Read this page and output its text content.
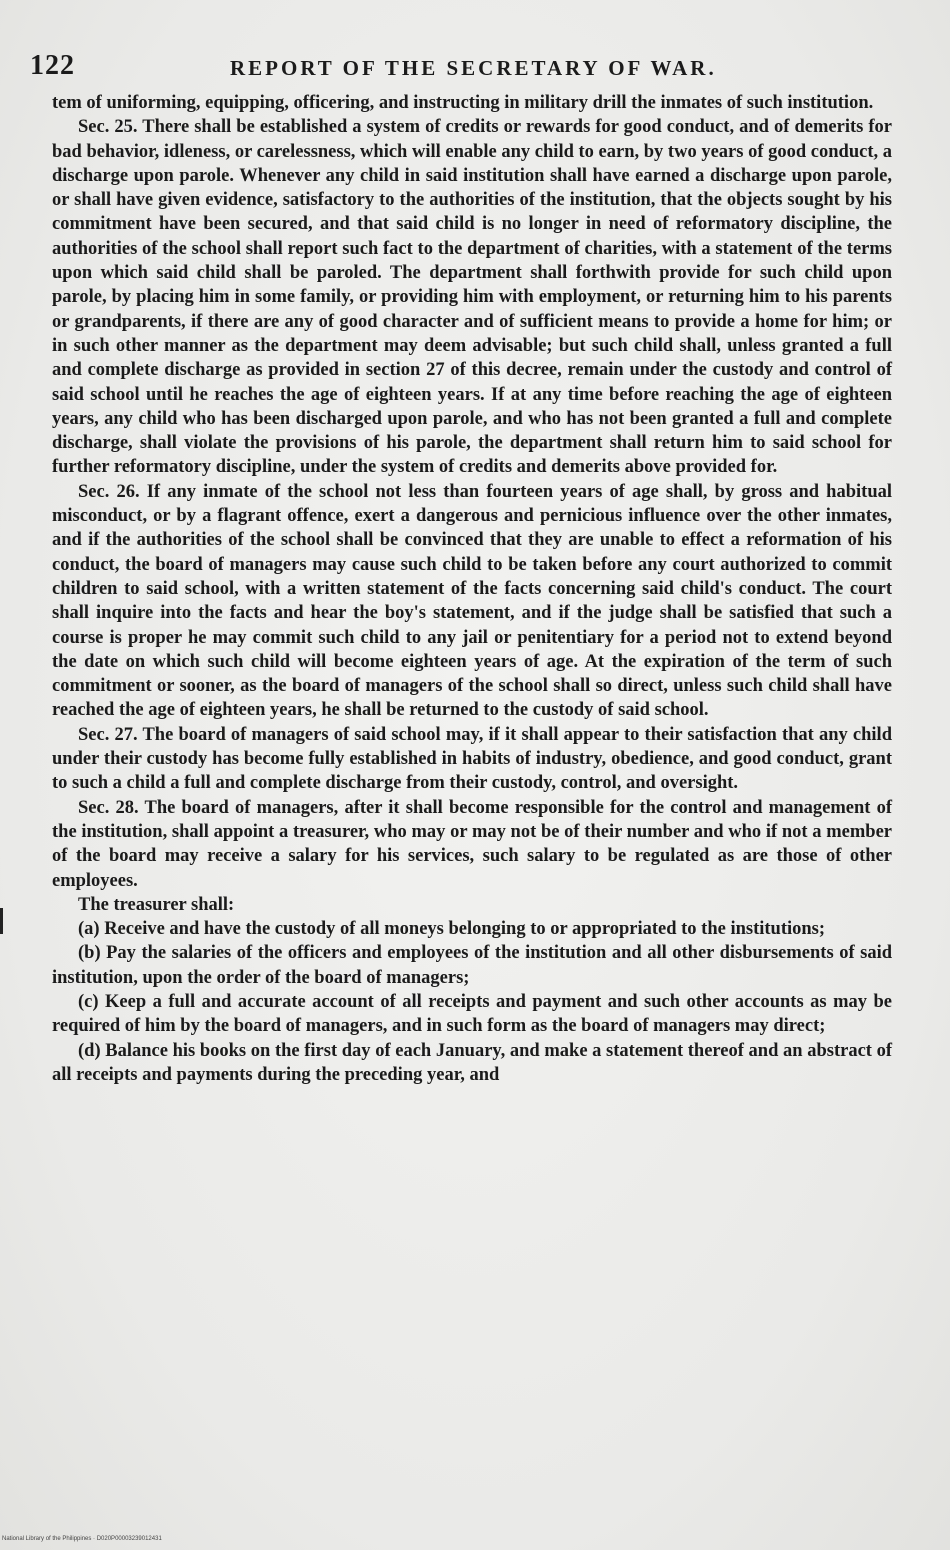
122	REPORT OF THE SECRETARY OF WAR.

tem of uniforming, equipping, officering, and instructing in military drill the inmates of such institution.

Sec. 25. There shall be established a system of credits or rewards for good conduct, and of demerits for bad behavior, idleness, or carelessness, which will enable any child to earn, by two years of good conduct, a discharge upon parole. Whenever any child in said institution shall have earned a discharge upon parole, or shall have given evidence, satisfactory to the authorities of the institution, that the objects sought by his commitment have been secured, and that said child is no longer in need of reformatory discipline, the authorities of the school shall report such fact to the department of charities, with a statement of the terms upon which said child shall be paroled. The department shall forthwith provide for such child upon parole, by placing him in some family, or providing him with employment, or returning him to his parents or grandparents, if there are any of good character and of sufficient means to provide a home for him; or in such other manner as the department may deem advisable; but such child shall, unless granted a full and complete discharge as provided in section 27 of this decree, remain under the custody and control of said school until he reaches the age of eighteen years. If at any time before reaching the age of eighteen years, any child who has been discharged upon parole, and who has not been granted a full and complete discharge, shall violate the provisions of his parole, the department shall return him to said school for further reformatory discipline, under the system of credits and demerits above provided for.

Sec. 26. If any inmate of the school not less than fourteen years of age shall, by gross and habitual misconduct, or by a flagrant offence, exert a dangerous and pernicious influence over the other inmates, and if the authorities of the school shall be convinced that they are unable to effect a reformation of his conduct, the board of managers may cause such child to be taken before any court authorized to commit children to said school, with a written statement of the facts concerning said child's conduct. The court shall inquire into the facts and hear the boy's statement, and if the judge shall be satisfied that such a course is proper he may commit such child to any jail or penitentiary for a period not to extend beyond the date on which such child will become eighteen years of age. At the expiration of the term of such commitment or sooner, as the board of managers of the school shall so direct, unless such child shall have reached the age of eighteen years, he shall be returned to the custody of said school.

Sec. 27. The board of managers of said school may, if it shall appear to their satisfaction that any child under their custody has become fully established in habits of industry, obedience, and good conduct, grant to such a child a full and complete discharge from their custody, control, and oversight.

Sec. 28. The board of managers, after it shall become responsible for the control and management of the institution, shall appoint a treasurer, who may or may not be of their number and who if not a member of the board may receive a salary for his services, such salary to be regulated as are those of other employees.

The treasurer shall:

(a) Receive and have the custody of all moneys belonging to or appropriated to the institutions;

(b) Pay the salaries of the officers and employees of the institution and all other disbursements of said institution, upon the order of the board of managers;

(c) Keep a full and accurate account of all receipts and payment and such other accounts as may be required of him by the board of managers, and in such form as the board of managers may direct;

(d) Balance his books on the first day of each January, and make a statement thereof and an abstract of all receipts and payments during the preceding year, and

National Library of the Philippines · D020P00003239012431
